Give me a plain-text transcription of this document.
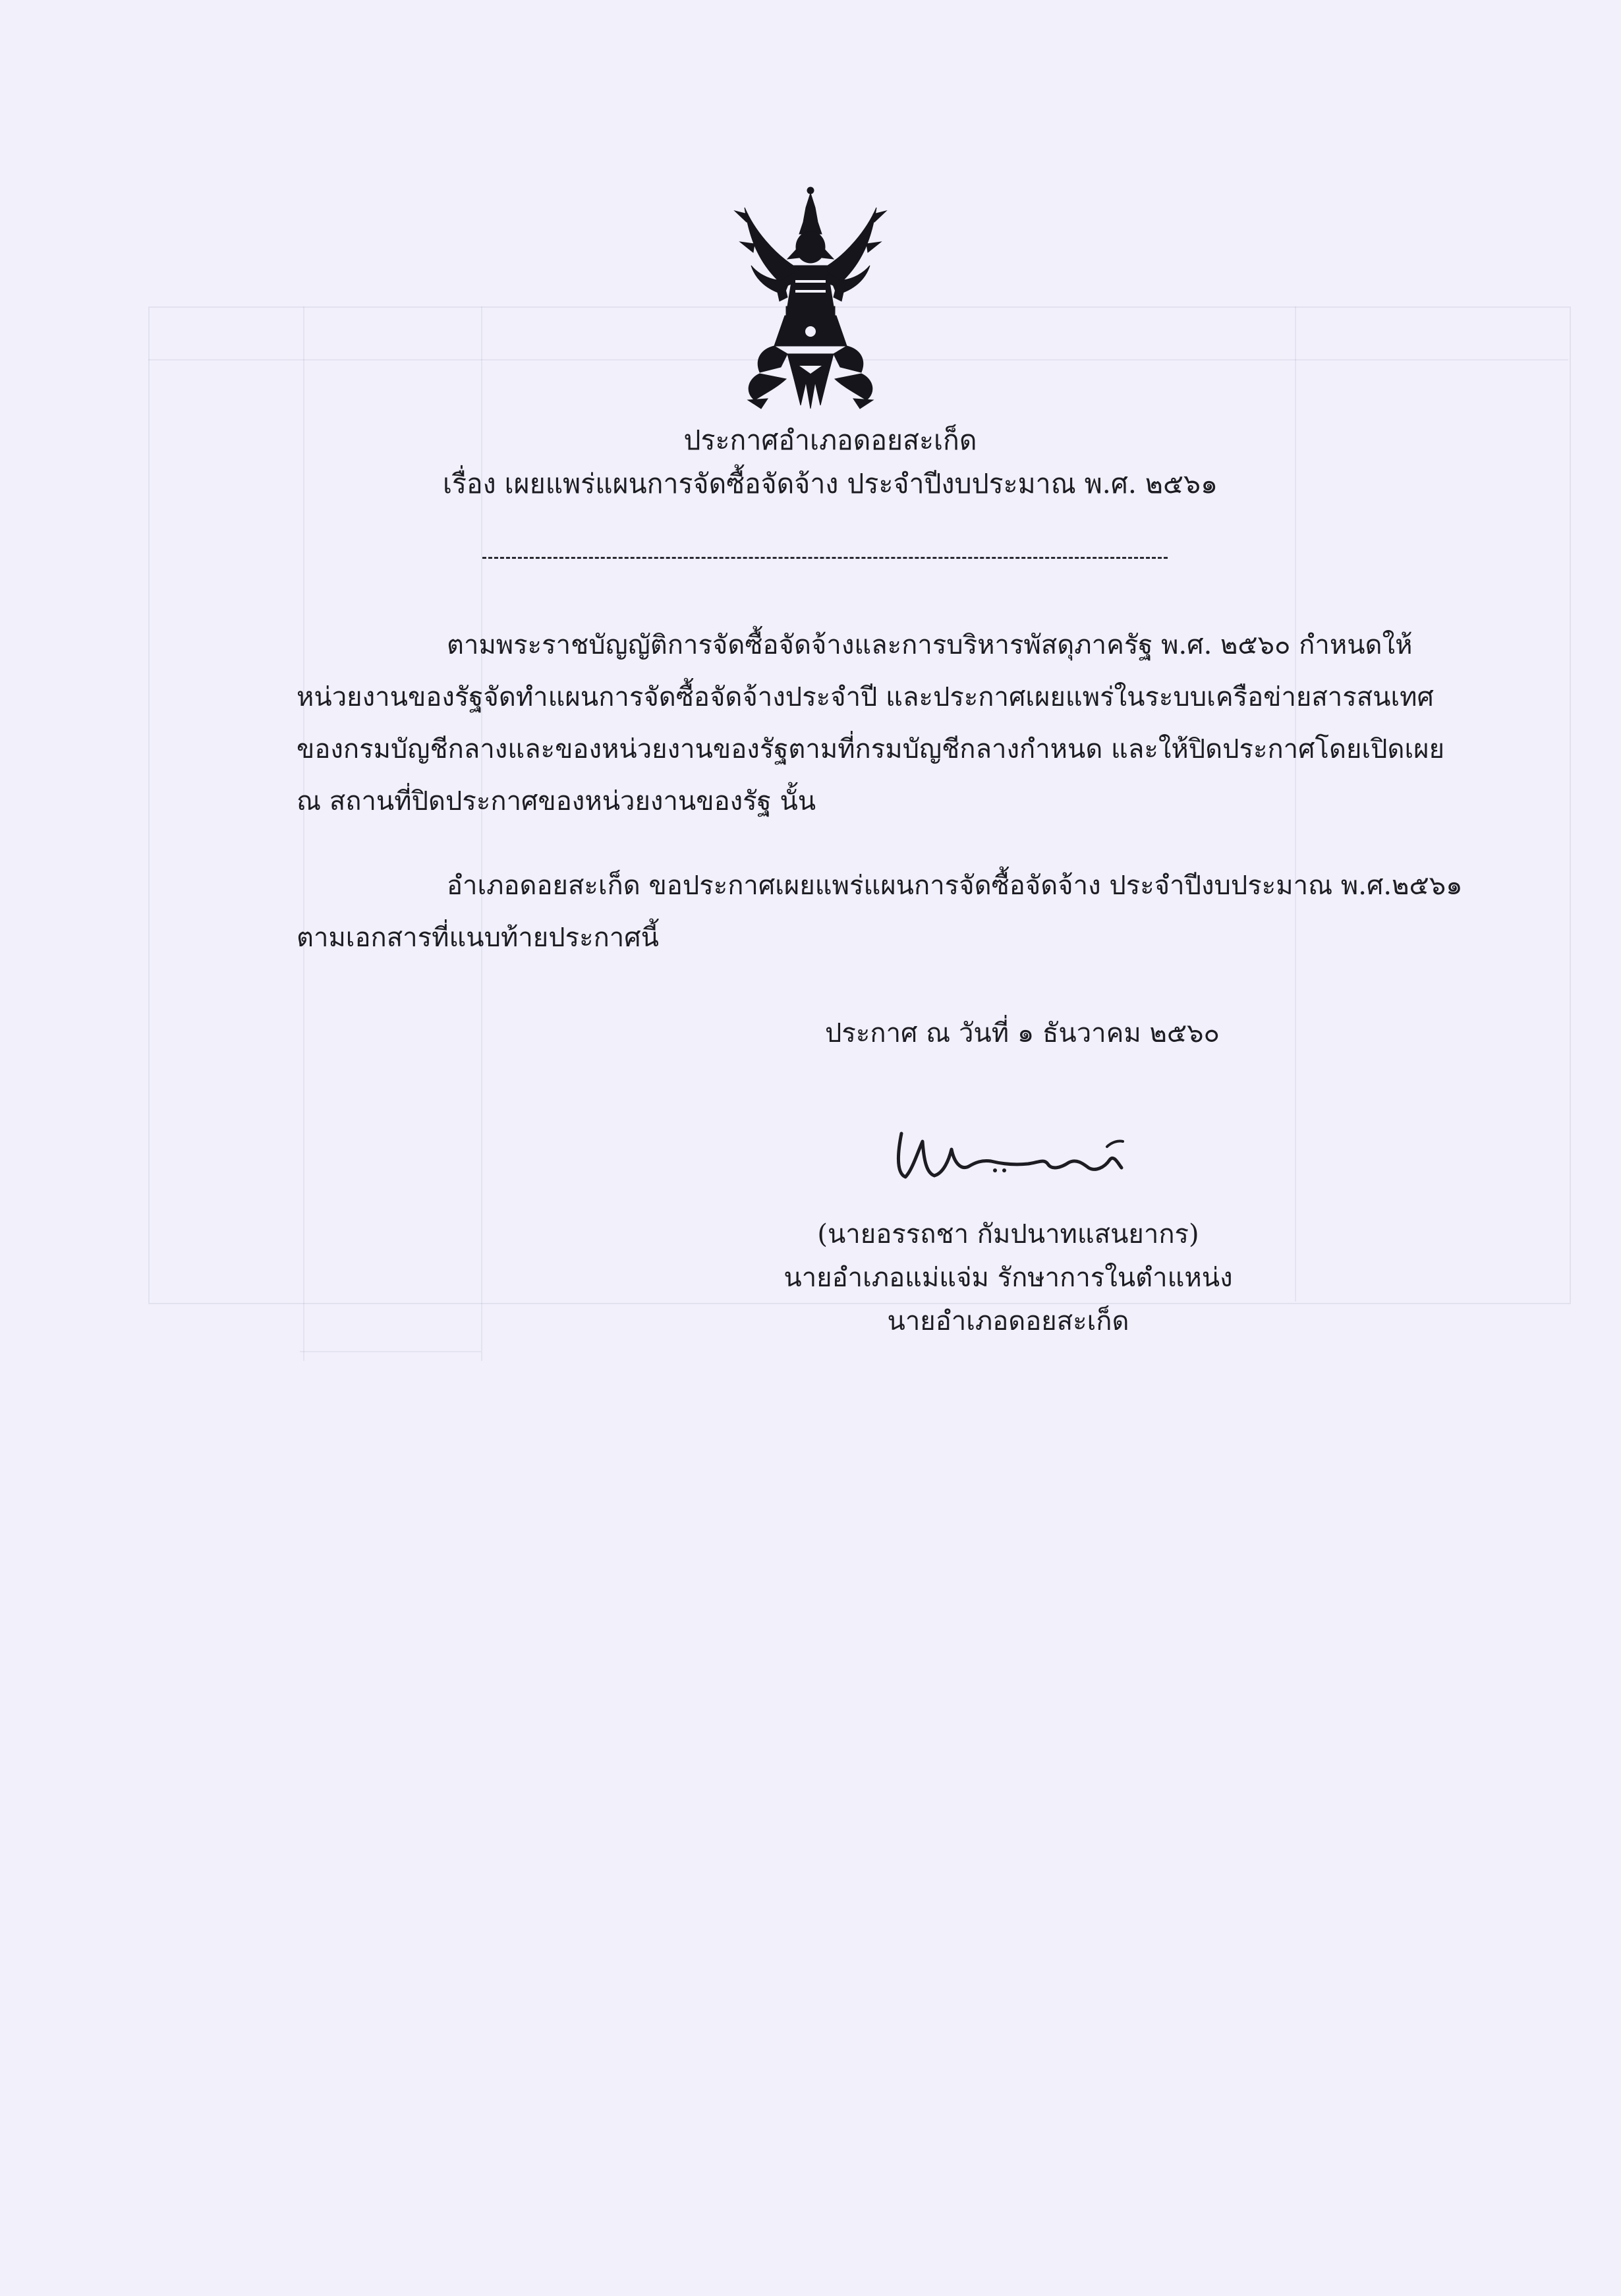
ประกาศอำเภอดอยสะเก็ด
เรื่อง เผยแพร่แผนการจัดซื้อจัดจ้าง ประจำปีงบประมาณ พ.ศ. ๒๕๖๑
ตามพระราชบัญญัติการจัดซื้อจัดจ้างและการบริหารพัสดุภาครัฐ พ.ศ. ๒๕๖๐ กำหนดให้
หน่วยงานของรัฐจัดทำแผนการจัดซื้อจัดจ้างประจำปี และประกาศเผยแพร่ในระบบเครือข่ายสารสนเทศ
ของกรมบัญชีกลางและของหน่วยงานของรัฐตามที่กรมบัญชีกลางกำหนด และให้ปิดประกาศโดยเปิดเผย
ณ สถานที่ปิดประกาศของหน่วยงานของรัฐ นั้น
อำเภอดอยสะเก็ด ขอประกาศเผยแพร่แผนการจัดซื้อจัดจ้าง ประจำปีงบประมาณ พ.ศ.๒๕๖๑
ตามเอกสารที่แนบท้ายประกาศนี้
ประกาศ ณ วันที่ ๑ ธันวาคม ๒๕๖๐
(นายอรรถชา กัมปนาทแสนยากร)
นายอำเภอแม่แจ่ม รักษาการในตำแหน่ง
นายอำเภอดอยสะเก็ด
